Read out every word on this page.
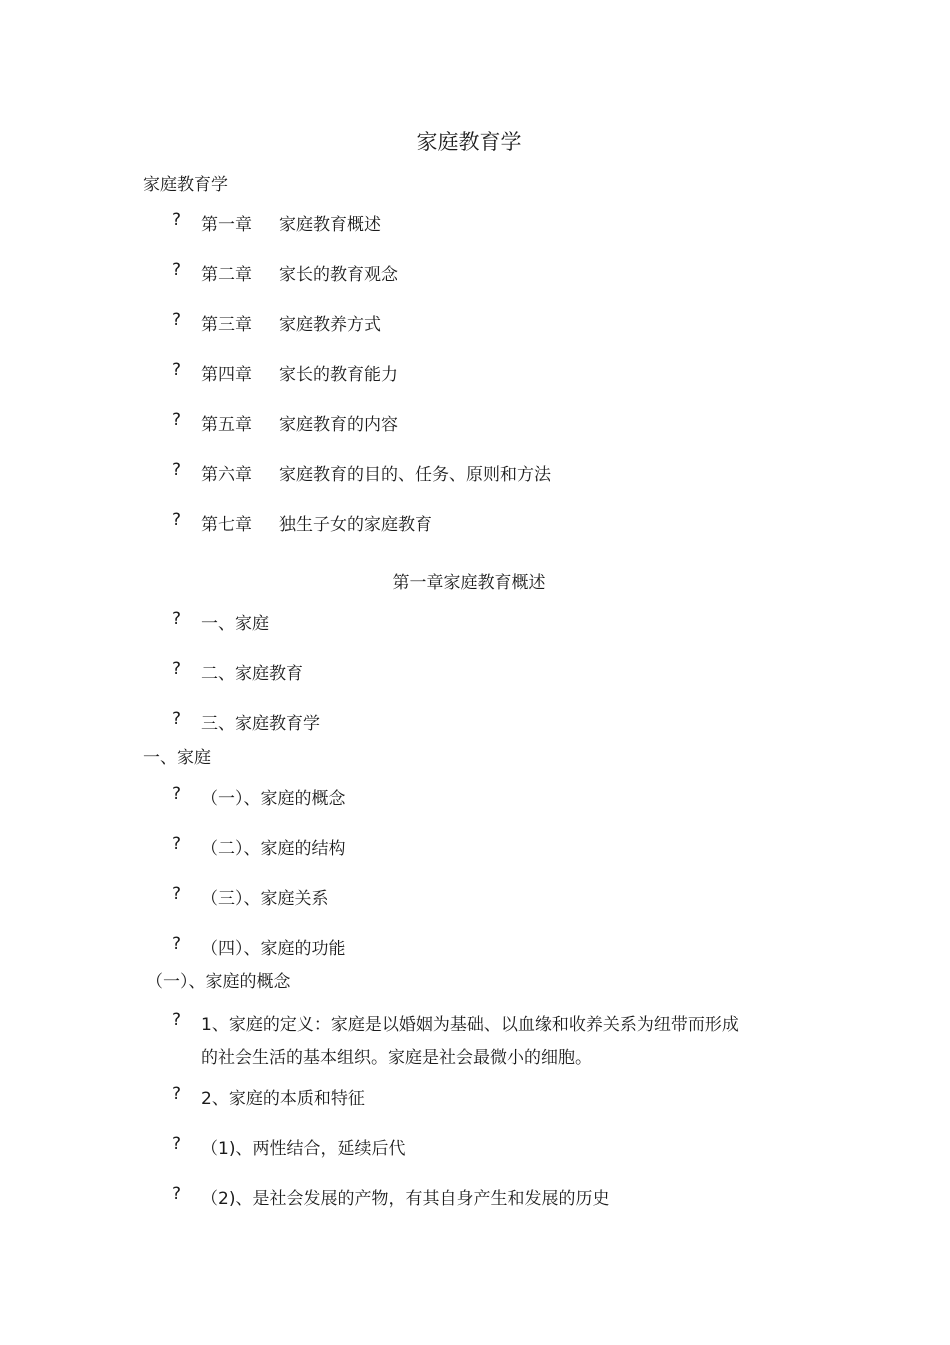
家庭教育学
家庭教育学
? 第一章 家庭教育概述
? 第二章 家长的教育观念
? 第三章 家庭教养方式
? 第四章 家长的教育能力
? 第五章 家庭教育的内容
? 第六章 家庭教育的目的、任务、原则和方法
? 第七章 独生子女的家庭教育
第一章家庭教育概述
? 一、家庭
? 二、家庭教育
? 三、家庭教育学
一、家庭
? （一）、家庭的概念
? （二）、家庭的结构
? （三）、家庭关系
? （四）、家庭的功能
（一）、家庭的概念
? 1、家庭的定义：家庭是以婚姻为基础、以血缘和收养关系为纽带而形成
的社会生活的基本组织。家庭是社会最微小的细胞。
? 2、家庭的本质和特征
? （1)、两性结合，延续后代
? （2)、是社会发展的产物，有其自身产生和发展的历史
